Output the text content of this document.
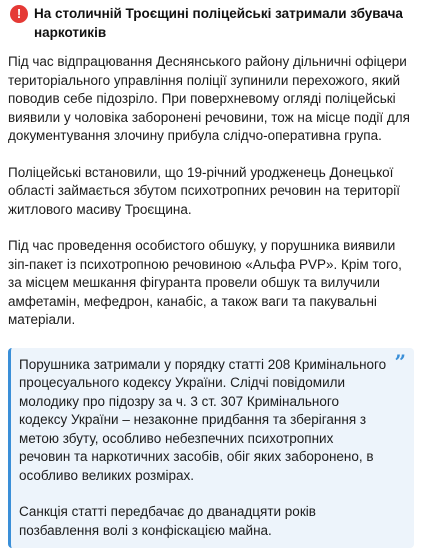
! На столичній Троєщині поліцейські затримали збувача наркотиків

Під час відпрацювання Деснянського району дільничні офіцери територіального управління поліції зупинили перехожого, який поводив себе підозріло. При поверхневому огляді поліцейські виявили у чоловіка заборонені речовини, тож на місце події для документування злочину прибула слідчо-оперативна група.

Поліцейські встановили, що 19-річний уродженець Донецької області займається збутом психотропних речовин на території житлового масиву Троєщина.

Під час проведення особистого обшуку, у порушника виявили зіп-пакет із психотропною речовиною «Альфа PVP». Крім того, за місцем мешкання фігуранта провели обшук та вилучили амфетамін, мефедрон, канабіс, а також ваги та пакувальні матеріали.

”

Порушника затримали у порядку статті 208 Кримінального процесуального кодексу України. Слідчі повідомили молодику про підозру за ч. 3 ст. 307 Кримінального кодексу України – незаконне придбання та зберігання з метою збуту, особливо небезпечних психотропних речовин та наркотичних засобів, обіг яких заборонено, в особливо великих розмірах.

Санкція статті передбачає до дванадцяти років позбавлення волі з конфіскацією майна.
